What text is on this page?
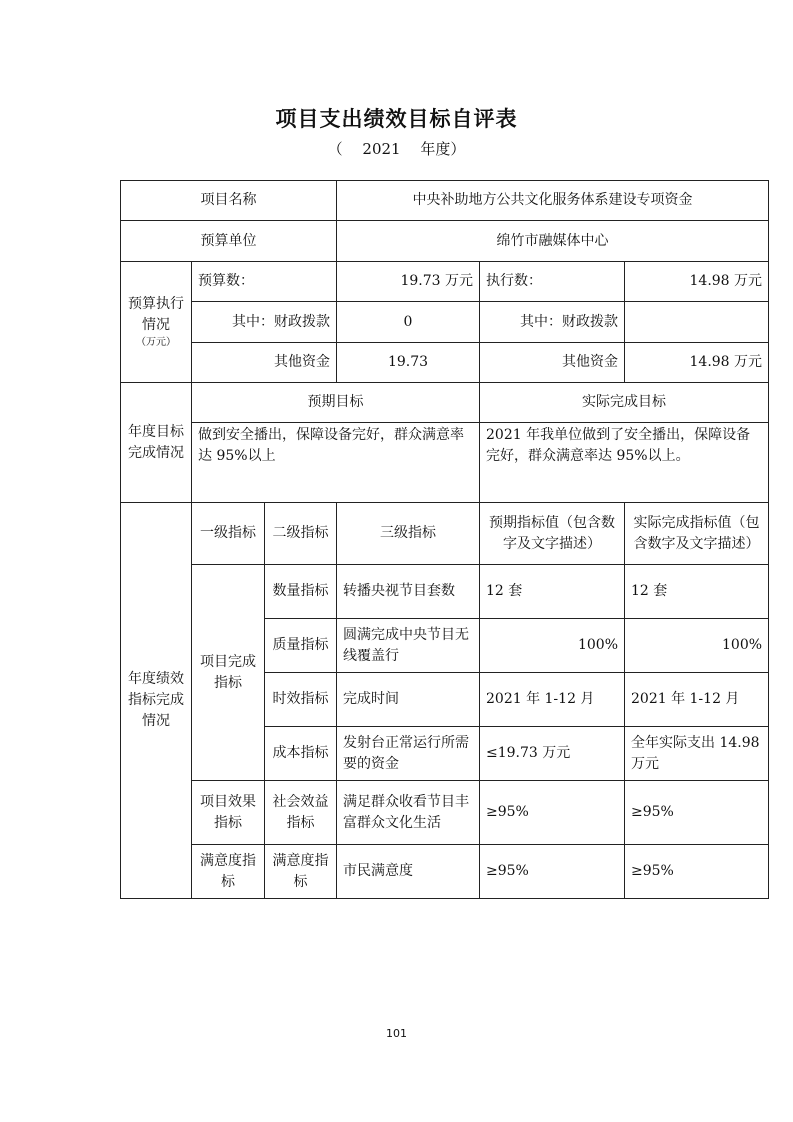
项目支出绩效目标自评表
（　 2021　 年度）
项目名称			中央补助地方公共文化服务体系建设专项资金		
预算单位			绵竹市融媒体中心		
预算执行情况
（万元）	预算数：		19.73 万元	执行数：	14.98 万元
	其中：财政拨款		0	其中：财政拨款	
	其他资金		19.73	其他资金	14.98 万元
年度目标完成情况	预期目标			实际完成目标	
	做到安全播出，保障设备完好，群众满意率达 95%以上			2021 年我单位做到了安全播出，保障设备完好，群众满意率达 95%以上。	
年度绩效指标完成情况	一级指标	二级指标	三级指标	预期指标值（包含数字及文字描述）	实际完成指标值（包含数字及文字描述）
	项目完成指标	数量指标	转播央视节目套数	12 套	12 套
		质量指标	圆满完成中央节目无线覆盖行	100%	100%
		时效指标	完成时间	2021 年 1-12 月	2021 年 1-12 月
		成本指标	发射台正常运行所需要的资金	≤19.73 万元	全年实际支出 14.98 万元
	项目效果指标	社会效益指标	满足群众收看节目丰富群众文化生活	≥95%	≥95%
	满意度指标	满意度指标	市民满意度	≥95%	≥95%
101
